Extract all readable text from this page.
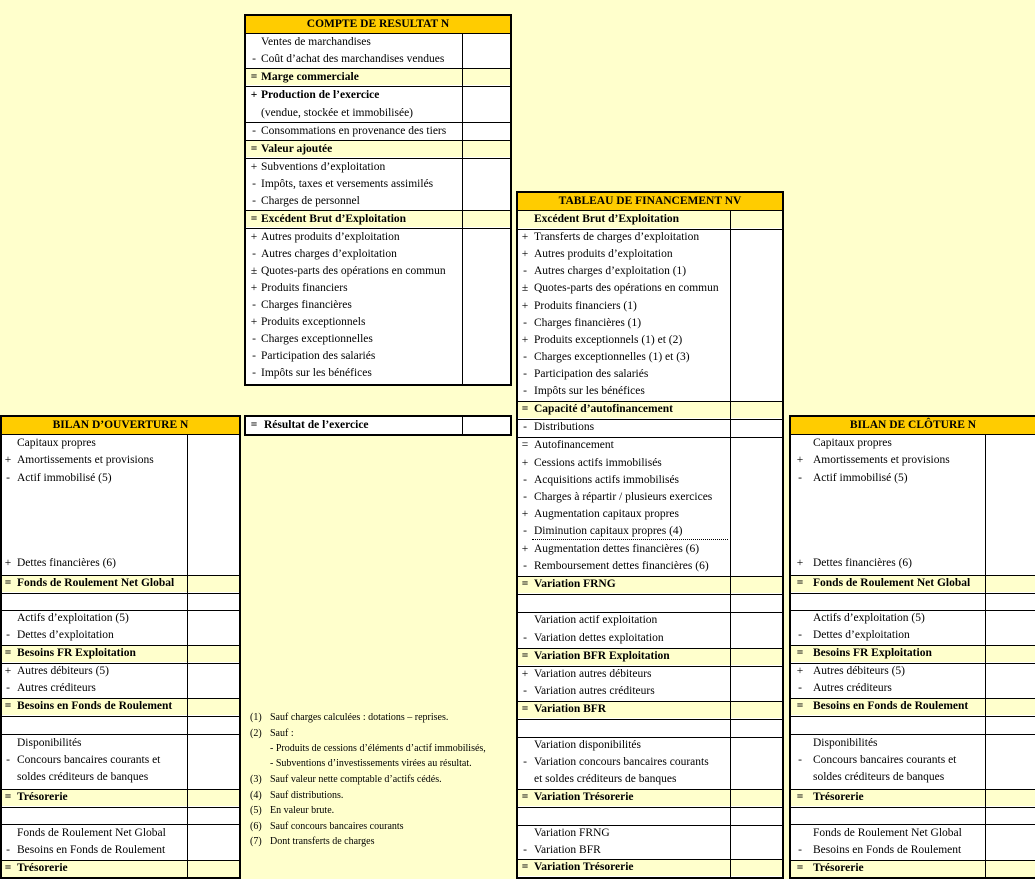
COMPTE DE RESULTAT N
Ventes de marchandises
- Coût d’achat des marchandises vendues
= Marge commerciale
+ Production de l’exercice
(vendue, stockée et immobilisée)
- Consommations en provenance des tiers
= Valeur ajoutée
+ Subventions d’exploitation
- Impôts, taxes et versements assimilés
- Charges de personnel
= Excédent Brut d’Exploitation
+ Autres produits d’exploitation
- Autres charges d’exploitation
± Quotes-parts des opérations en commun
+ Produits financiers
- Charges financières
+ Produits exceptionnels
- Charges exceptionnelles
- Participation des salariés
- Impôts sur les bénéfices
= Résultat de l’exercice
TABLEAU DE FINANCEMENT NV
Excédent Brut d’Exploitation
+ Transferts de charges d’exploitation
+ Autres produits d’exploitation
- Autres charges d’exploitation (1)
± Quotes-parts des opérations en commun
+ Produits financiers (1)
- Charges financières (1)
+ Produits exceptionnels (1) et (2)
- Charges exceptionnelles (1) et (3)
- Participation des salariés
- Impôts sur les bénéfices
= Capacité d’autofinancement
- Distributions
= Autofinancement
+ Cessions actifs immobilisés
- Acquisitions actifs immobilisés
- Charges à répartir / plusieurs exercices
+ Augmentation capitaux propres
- Diminution capitaux propres (4)
+ Augmentation dettes financières (6)
- Remboursement dettes financières (6)
= Variation FRNG
Variation actif exploitation
- Variation dettes exploitation
= Variation BFR Exploitation
+ Variation autres débiteurs
- Variation autres créditeurs
= Variation BFR
Variation disponibilités
- Variation concours bancaires courants
et soldes créditeurs de banques
= Variation Trésorerie
Variation FRNG
- Variation BFR
= Variation Trésorerie
BILAN D’OUVERTURE N
Capitaux propres
+ Amortissements et provisions
- Actif immobilisé (5)
+ Dettes financières (6)
= Fonds de Roulement Net Global
Actifs d’exploitation (5)
- Dettes d’exploitation
= Besoins FR Exploitation
+ Autres débiteurs (5)
- Autres créditeurs
= Besoins en Fonds de Roulement
Disponibilités
- Concours bancaires courants et
soldes créditeurs de banques
= Trésorerie
Fonds de Roulement Net Global
- Besoins en Fonds de Roulement
= Trésorerie
BILAN DE CLÔTURE N
Capitaux propres
+ Amortissements et provisions
- Actif immobilisé (5)
+ Dettes financières (6)
= Fonds de Roulement Net Global
Actifs d’exploitation (5)
- Dettes d’exploitation
= Besoins FR Exploitation
+ Autres débiteurs (5)
- Autres créditeurs
= Besoins en Fonds de Roulement
Disponibilités
- Concours bancaires courants et
soldes créditeurs de banques
= Trésorerie
Fonds de Roulement Net Global
- Besoins en Fonds de Roulement
= Trésorerie
(1) Sauf charges calculées : dotations – reprises.
(2) Sauf :
- Produits de cessions d’éléments d’actif immobilisés,
- Subventions d’investissements virées au résultat.
(3) Sauf valeur nette comptable d’actifs cédés.
(4) Sauf distributions.
(5) En valeur brute.
(6) Sauf concours bancaires courants
(7) Dont transferts de charges
